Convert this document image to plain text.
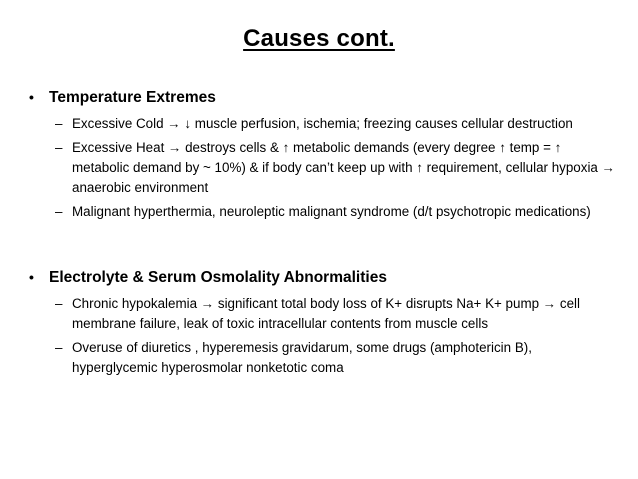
Causes cont.
• Temperature Extremes
– Excessive Cold → ↓ muscle perfusion, ischemia; freezing causes cellular destruction
– Excessive Heat → destroys cells & ↑ metabolic demands (every degree ↑ temp = ↑ metabolic demand by ~ 10%) & if body can’t keep up with ↑ requirement, cellular hypoxia → anaerobic environment
– Malignant hyperthermia, neuroleptic malignant syndrome (d/t psychotropic medications)
• Electrolyte & Serum Osmolality Abnormalities
– Chronic hypokalemia → significant total body loss of K+ disrupts Na+ K+ pump → cell membrane failure, leak of toxic intracellular contents from muscle cells
– Overuse of diuretics , hyperemesis gravidarum, some drugs (amphotericin B), hyperglycemic hyperosmolar nonketotic coma
